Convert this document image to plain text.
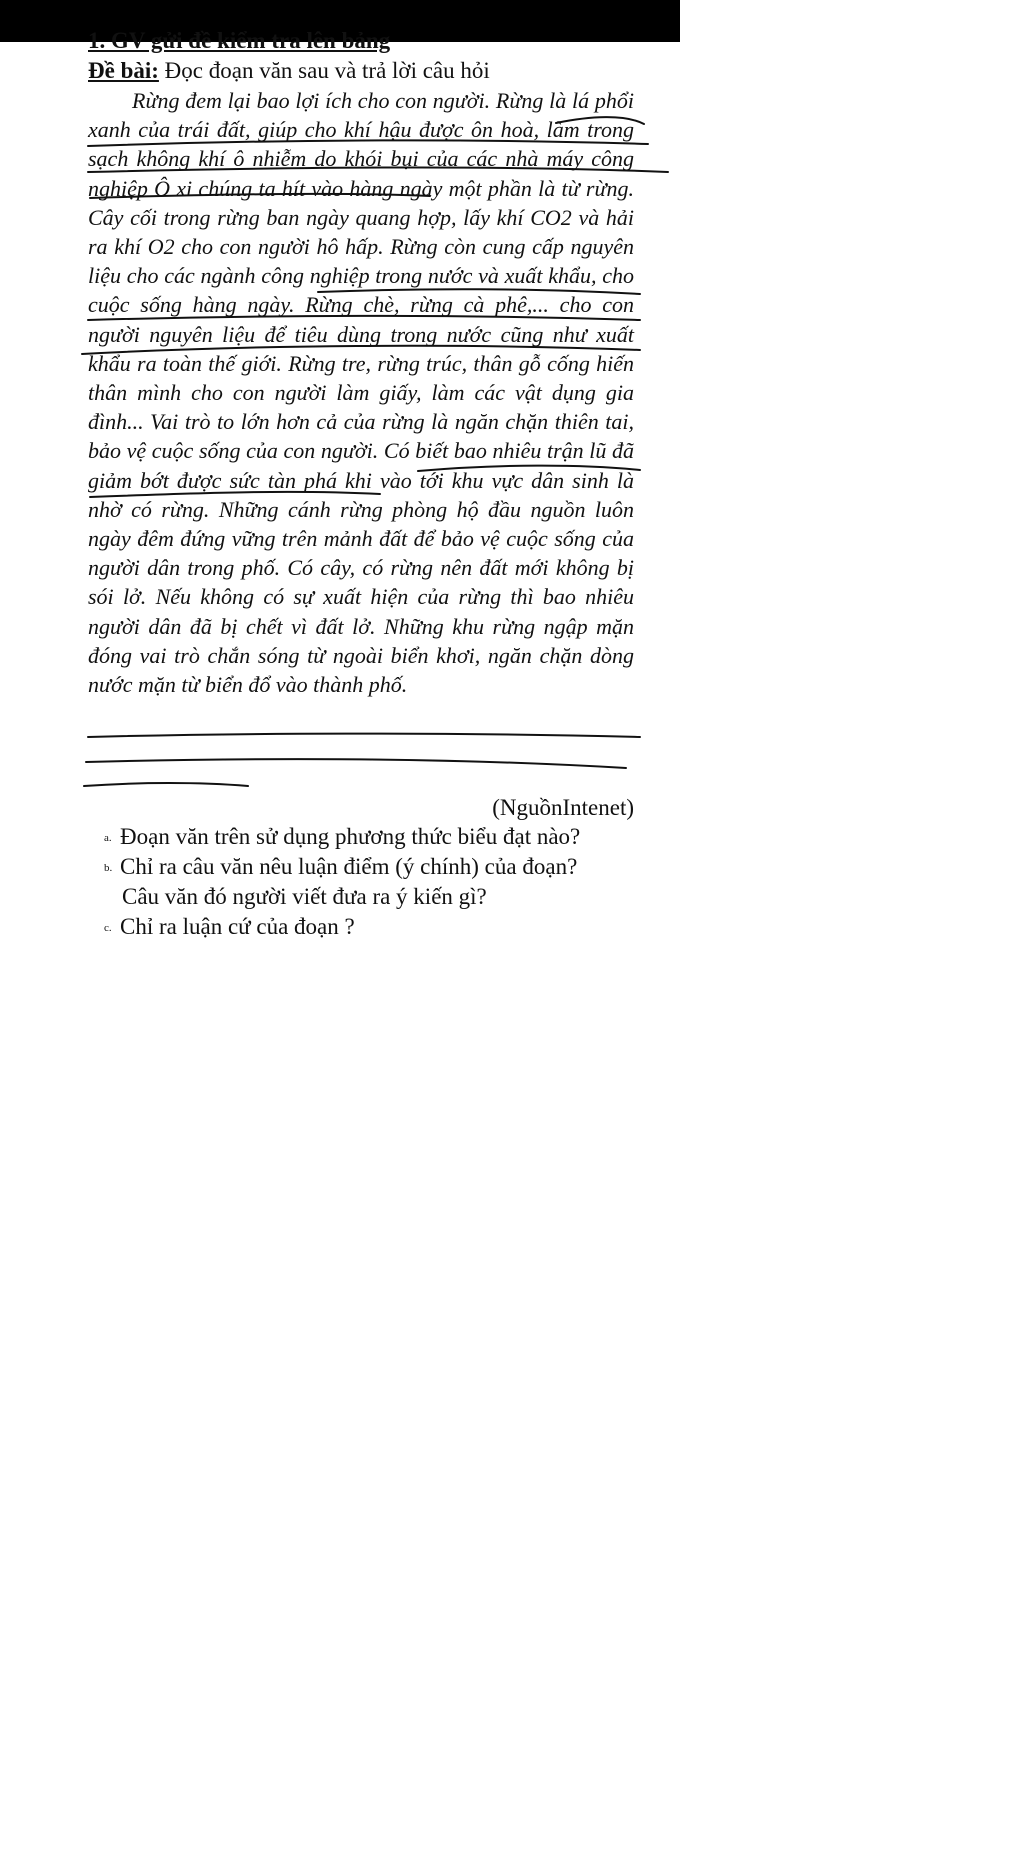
1. GV gửi đề kiểm tra lên bảng
Đề bài: Đọc đoạn văn sau và trả lời câu hỏi

Rừng đem lại bao lợi ích cho con người. Rừng là lá phổi xanh của trái đất, giúp cho khí hậu được ôn hoà, làm trong sạch không khí ô nhiễm do khói bụi của các nhà máy công nghiệp Ô xi chúng ta hít vào hàng ngày một phần là từ rừng. Cây cối trong rừng ban ngày quang hợp, lấy khí CO2 và hải ra khí O2 cho con người hô hấp. Rừng còn cung cấp nguyên liệu cho các ngành công nghiệp trong nước và xuất khẩu, cho cuộc sống hàng ngày. Rừng chè, rừng cà phê,... cho con người nguyên liệu để tiêu dùng trong nước cũng như xuất khẩu ra toàn thế giới. Rừng tre, rừng trúc, thân gỗ cống hiến thân mình cho con người làm giấy, làm các vật dụng gia đình... Vai trò to lớn hơn cả của rừng là ngăn chặn thiên tai, bảo vệ cuộc sống của con người. Có biết bao nhiêu trận lũ đã giảm bớt được sức tàn phá khi vào tới khu vực dân sinh là nhờ có rừng. Những cánh rừng phòng hộ đầu nguồn luôn ngày đêm đứng vững trên mảnh đất để bảo vệ cuộc sống của người dân trong phố. Có cây, có rừng nên đất mới không bị sói lở. Nếu không có sự xuất hiện của rừng thì bao nhiêu người dân đã bị chết vì đất lở. Những khu rừng ngập mặn đóng vai trò chắn sóng từ ngoài biển khơi, ngăn chặn dòng nước mặn từ biển đổ vào thành phố.

(NguồnIntenet)
a. Đoạn văn trên sử dụng phương thức biểu đạt nào?
b. Chỉ ra câu văn nêu luận điểm (ý chính) của đoạn?
Câu văn đó người viết đưa ra ý kiến gì?
c. Chỉ ra luận cứ của đoạn ?
